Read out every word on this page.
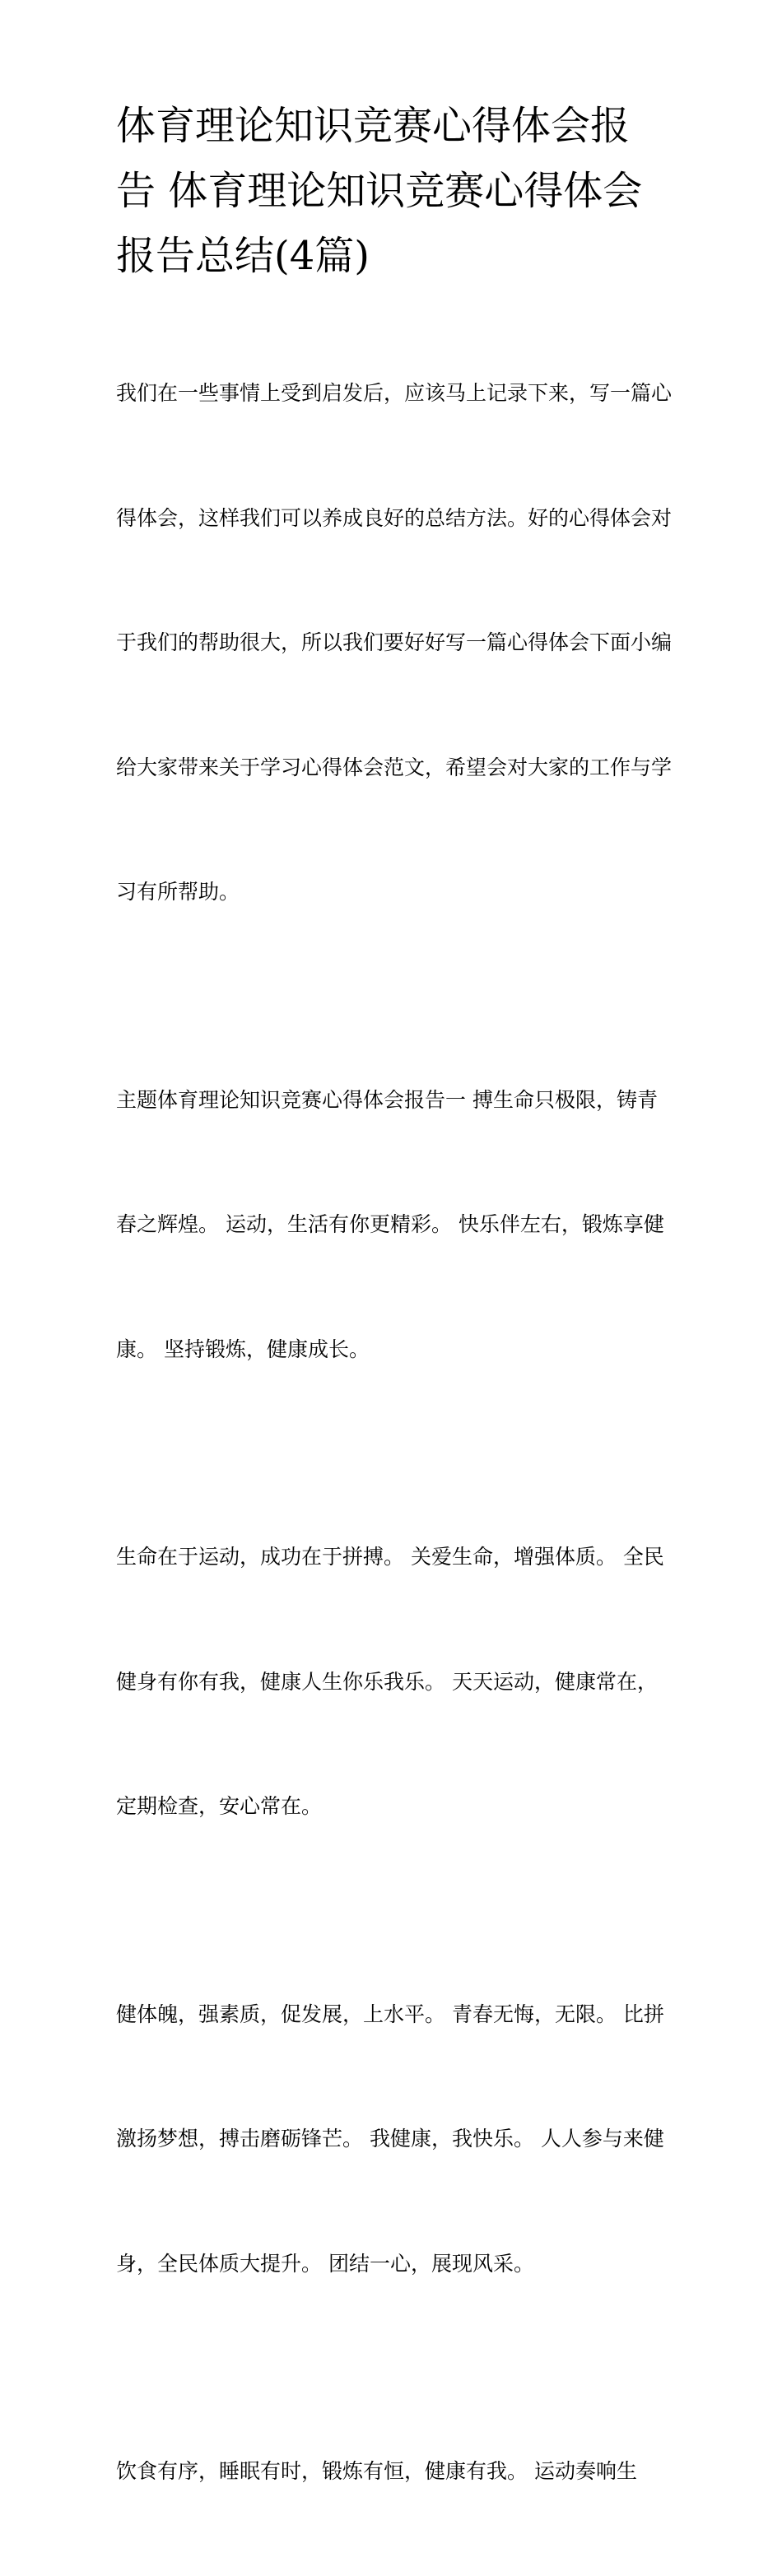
体育理论知识竞赛心得体会报
告 体育理论知识竞赛心得体会
报告总结(4篇)

我们在一些事情上受到启发后，应该马上记录下来，写一篇心

得体会，这样我们可以养成良好的总结方法。好的心得体会对

于我们的帮助很大，所以我们要好好写一篇心得体会下面小编

给大家带来关于学习心得体会范文，希望会对大家的工作与学

习有所帮助。

主题体育理论知识竞赛心得体会报告一 搏生命只极限，铸青

春之辉煌。 运动，生活有你更精彩。 快乐伴左右，锻炼享健

康。 坚持锻炼，健康成长。

生命在于运动，成功在于拼搏。 关爱生命，增强体质。 全民

健身有你有我，健康人生你乐我乐。 天天运动，健康常在，

定期检查，安心常在。

健体魄，强素质，促发展，上水平。 青春无悔，无限。 比拼

激扬梦想，搏击磨砺锋芒。 我健康，我快乐。 人人参与来健

身，全民体质大提升。 团结一心，展现风采。

饮食有序，睡眠有时，锻炼有恒，健康有我。 运动奏响生
